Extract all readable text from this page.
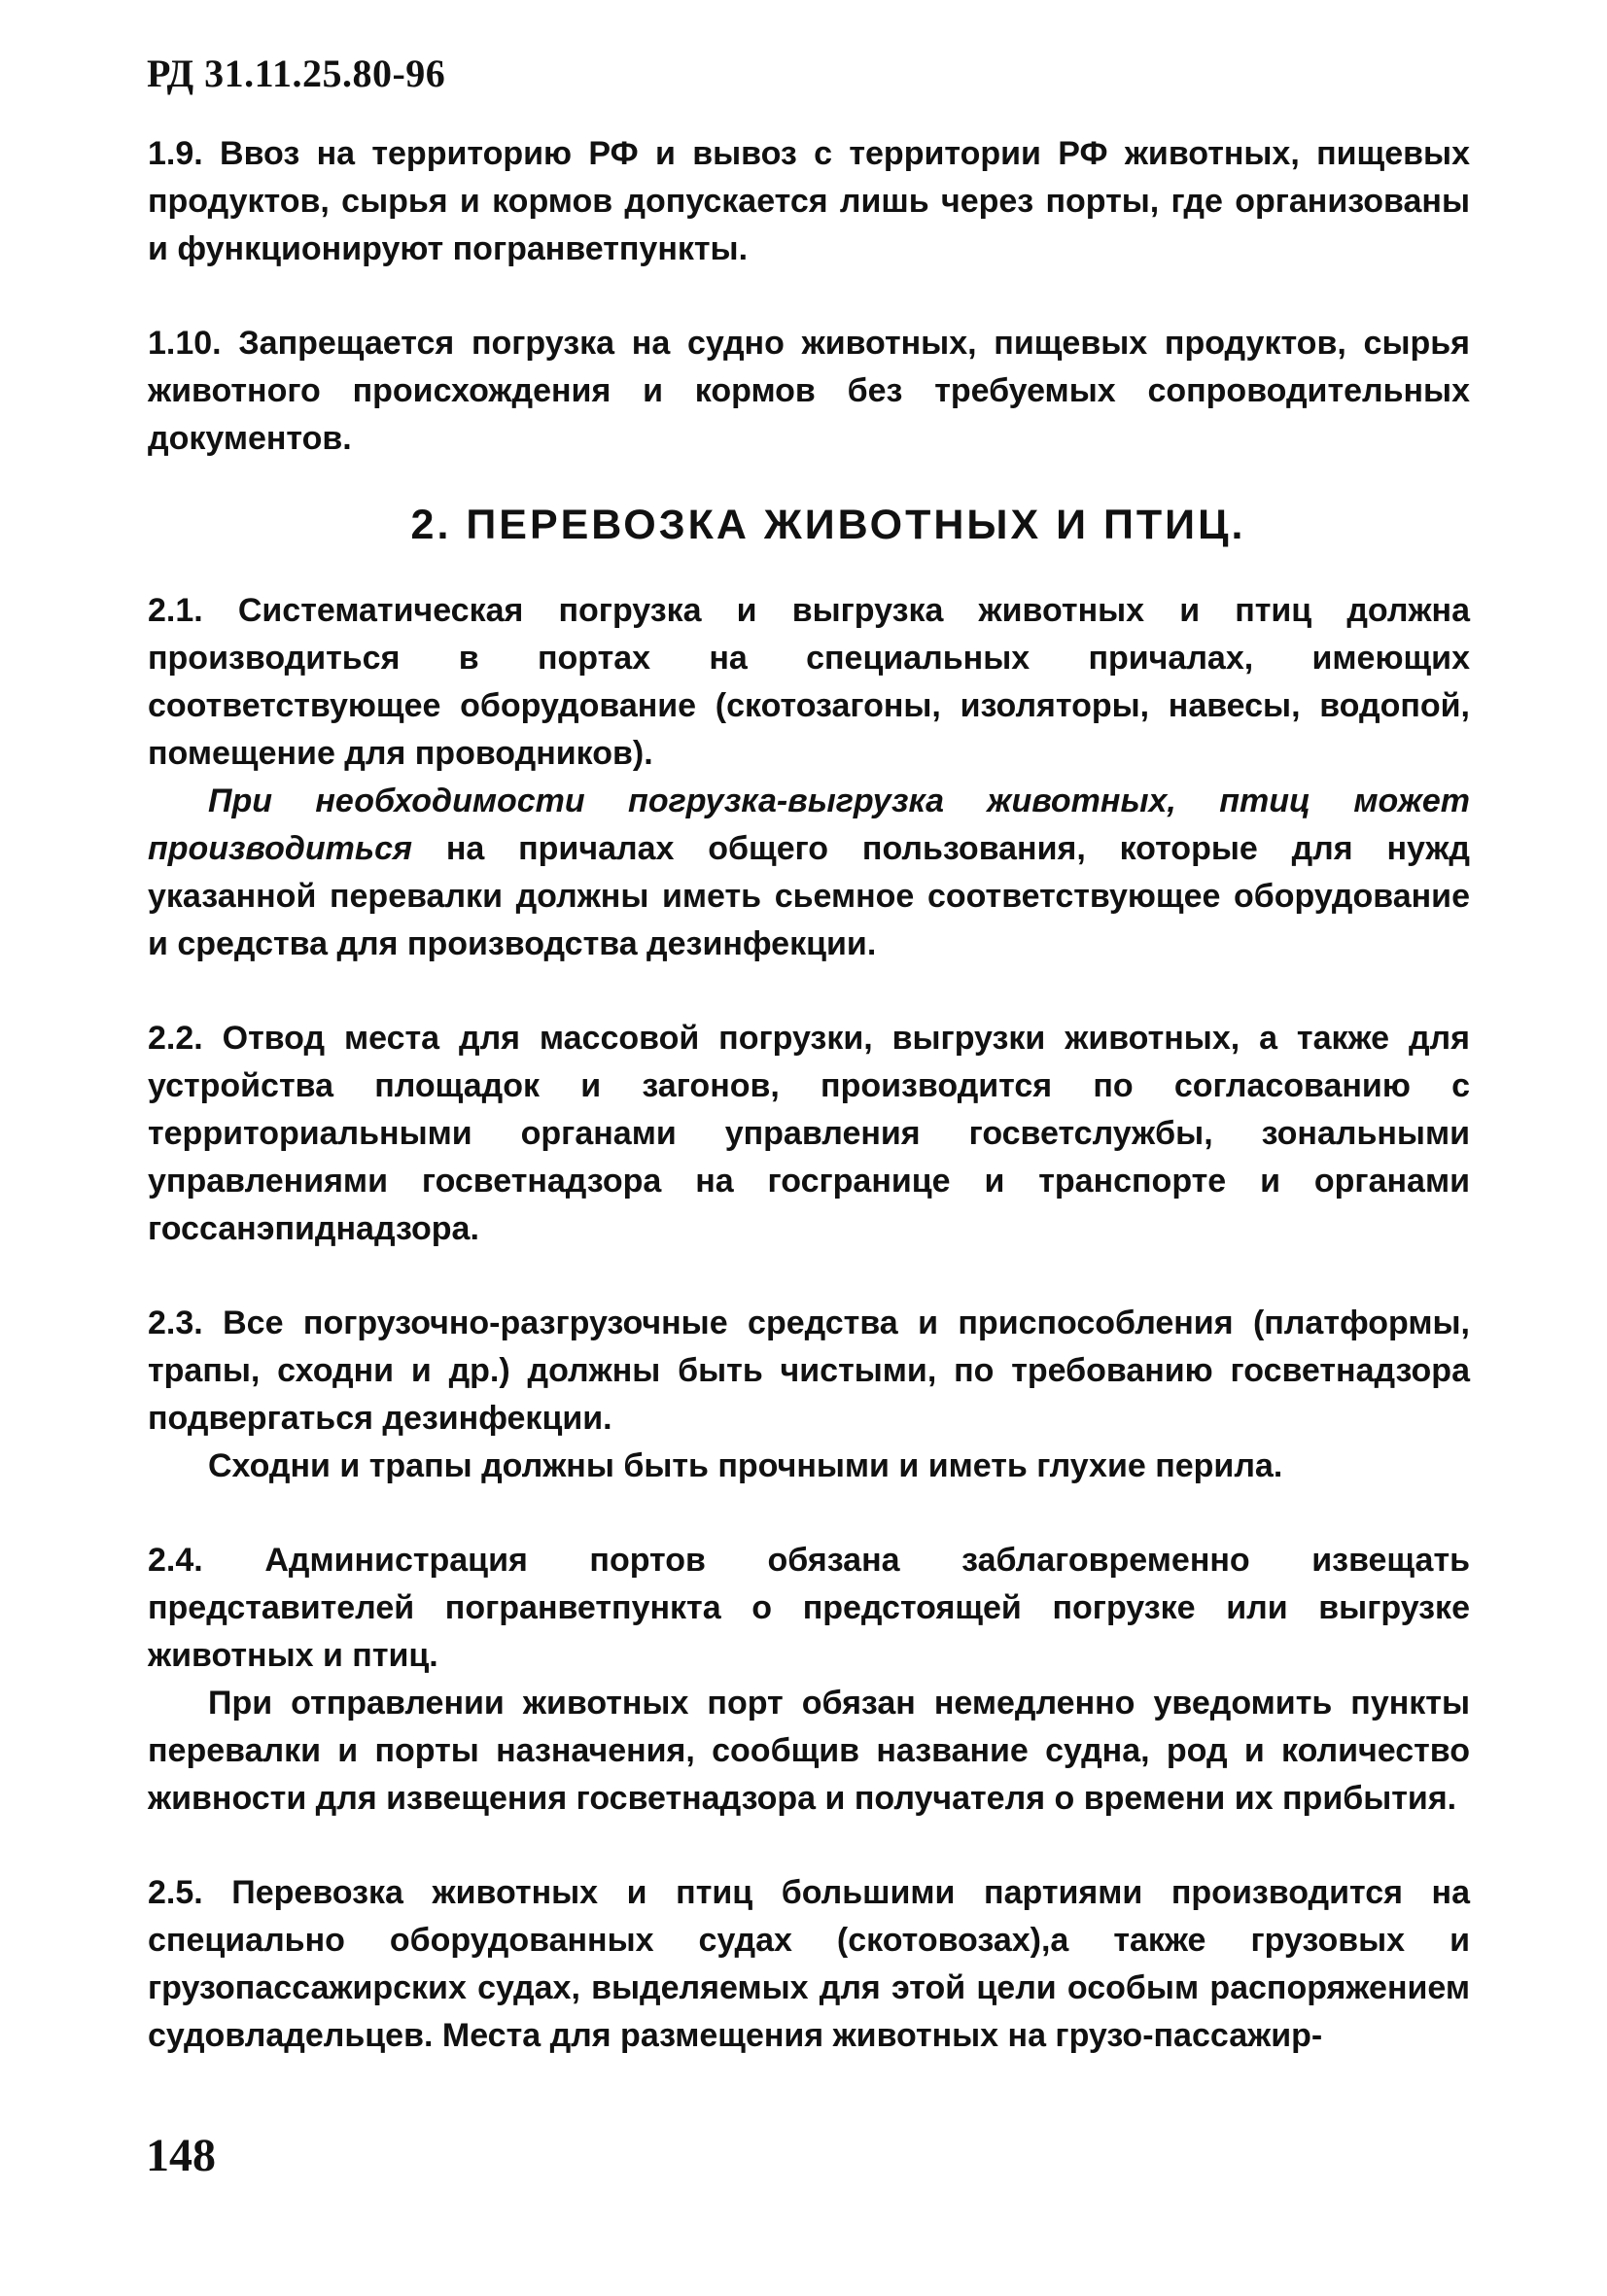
РД 31.11.25.80-96

1.9. Ввоз на территорию РФ и вывоз с территории РФ животных, пищевых продуктов, сырья и кормов допускается лишь через порты, где организованы и функционируют погранветпункты.

1.10. Запрещается погрузка на судно животных, пищевых продуктов, сырья животного происхождения и кормов без требуемых сопроводительных документов.

2. ПЕРЕВОЗКА ЖИВОТНЫХ И ПТИЦ.

2.1. Систематическая погрузка и выгрузка животных и птиц должна производиться в портах на специальных причалах, имеющих соответствующее оборудование (скотозагоны, изоляторы, навесы, водопой, помещение для проводников).

При необходимости погрузка-выгрузка животных, птиц может производиться на причалах общего пользования, которые для нужд указанной перевалки должны иметь сьемное соответствующее оборудование и средства для производства дезинфекции.

2.2. Отвод места для массовой погрузки, выгрузки животных, а также для устройства площадок и загонов, производится по согласованию с территориальными органами управления госветслужбы, зональными управлениями госветнадзора на госгранице и транспорте и органами госсанэпиднадзора.

2.3. Все погрузочно-разгрузочные средства и приспособления (платформы, трапы, сходни и др.) должны быть чистыми, по требованию госветнадзора подвергаться дезинфекции.

Сходни и трапы должны быть прочными и иметь глухие перила.

2.4. Администрация портов обязана заблаговременно извещать представителей погранветпункта о предстоящей погрузке или выгрузке животных и птиц.

При отправлении животных порт обязан немедленно уведомить пункты перевалки и порты назначения, сообщив название судна, род и количество живности для извещения госветнадзора и получателя о времени их прибытия.

2.5. Перевозка животных и птиц большими партиями производится на специально оборудованных судах (скотовозах),а также грузовых и грузопассажирских судах, выделяемых для этой цели особым распоряжением судовладельцев. Места для размещения животных на грузо-пассажир-

148
